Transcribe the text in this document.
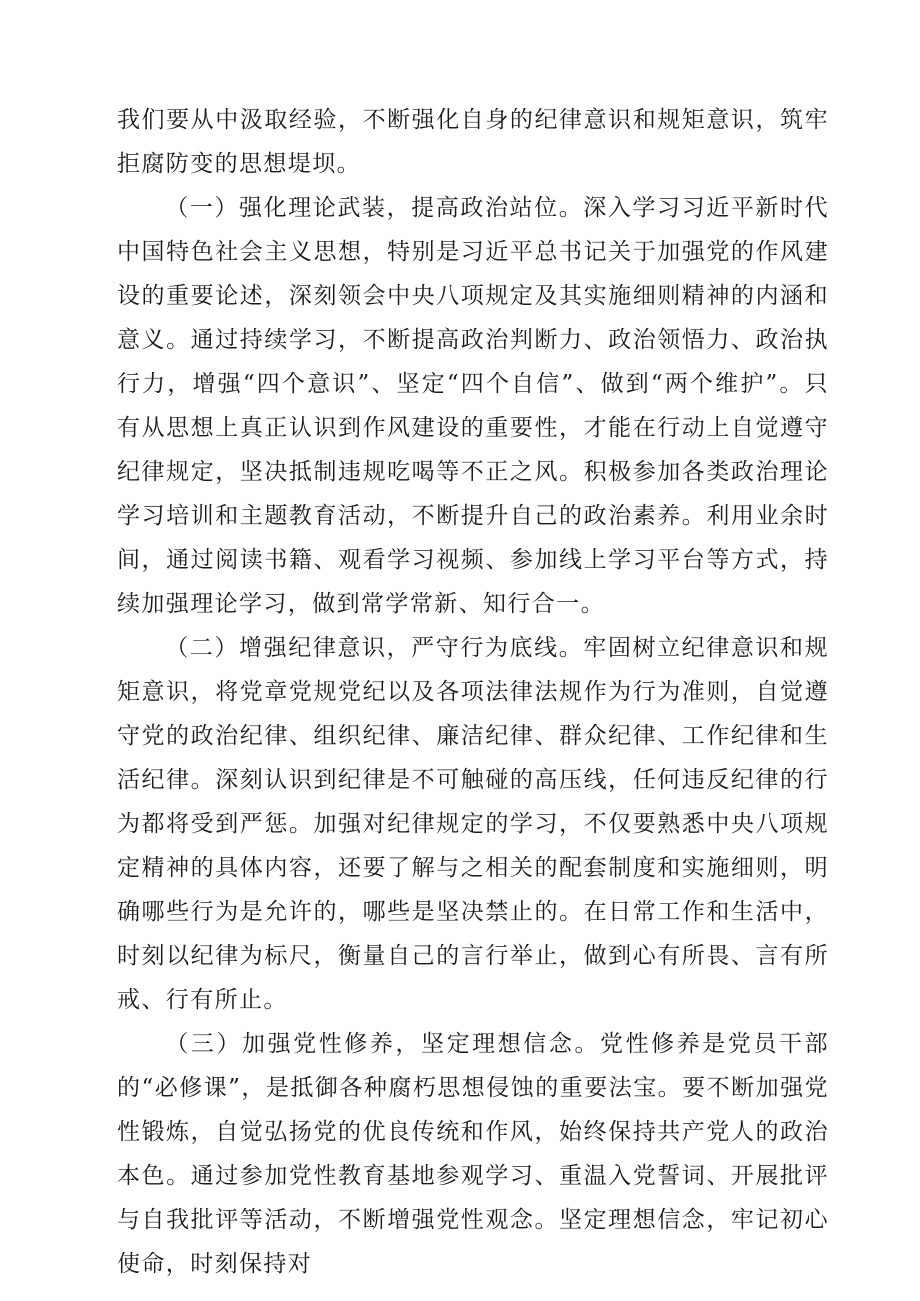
我们要从中汲取经验，不断强化自身的纪律意识和规矩意识，筑牢拒腐防变的思想堤坝。

（一）强化理论武装，提高政治站位。深入学习习近平新时代中国特色社会主义思想，特别是习近平总书记关于加强党的作风建设的重要论述，深刻领会中央八项规定及其实施细则精神的内涵和意义。通过持续学习，不断提高政治判断力、政治领悟力、政治执行力，增强“四个意识”、坚定“四个自信”、做到“两个维护”。只有从思想上真正认识到作风建设的重要性，才能在行动上自觉遵守纪律规定，坚决抵制违规吃喝等不正之风。积极参加各类政治理论学习培训和主题教育活动，不断提升自己的政治素养。利用业余时间，通过阅读书籍、观看学习视频、参加线上学习平台等方式，持续加强理论学习，做到常学常新、知行合一。

（二）增强纪律意识，严守行为底线。牢固树立纪律意识和规矩意识，将党章党规党纪以及各项法律法规作为行为准则，自觉遵守党的政治纪律、组织纪律、廉洁纪律、群众纪律、工作纪律和生活纪律。深刻认识到纪律是不可触碰的高压线，任何违反纪律的行为都将受到严惩。加强对纪律规定的学习，不仅要熟悉中央八项规定精神的具体内容，还要了解与之相关的配套制度和实施细则，明确哪些行为是允许的，哪些是坚决禁止的。在日常工作和生活中，时刻以纪律为标尺，衡量自己的言行举止，做到心有所畏、言有所戒、行有所止。

（三）加强党性修养，坚定理想信念。党性修养是党员干部的“必修课”，是抵御各种腐朽思想侵蚀的重要法宝。要不断加强党性锻炼，自觉弘扬党的优良传统和作风，始终保持共产党人的政治本色。通过参加党性教育基地参观学习、重温入党誓词、开展批评与自我批评等活动，不断增强党性观念。坚定理想信念，牢记初心使命，时刻保持对
